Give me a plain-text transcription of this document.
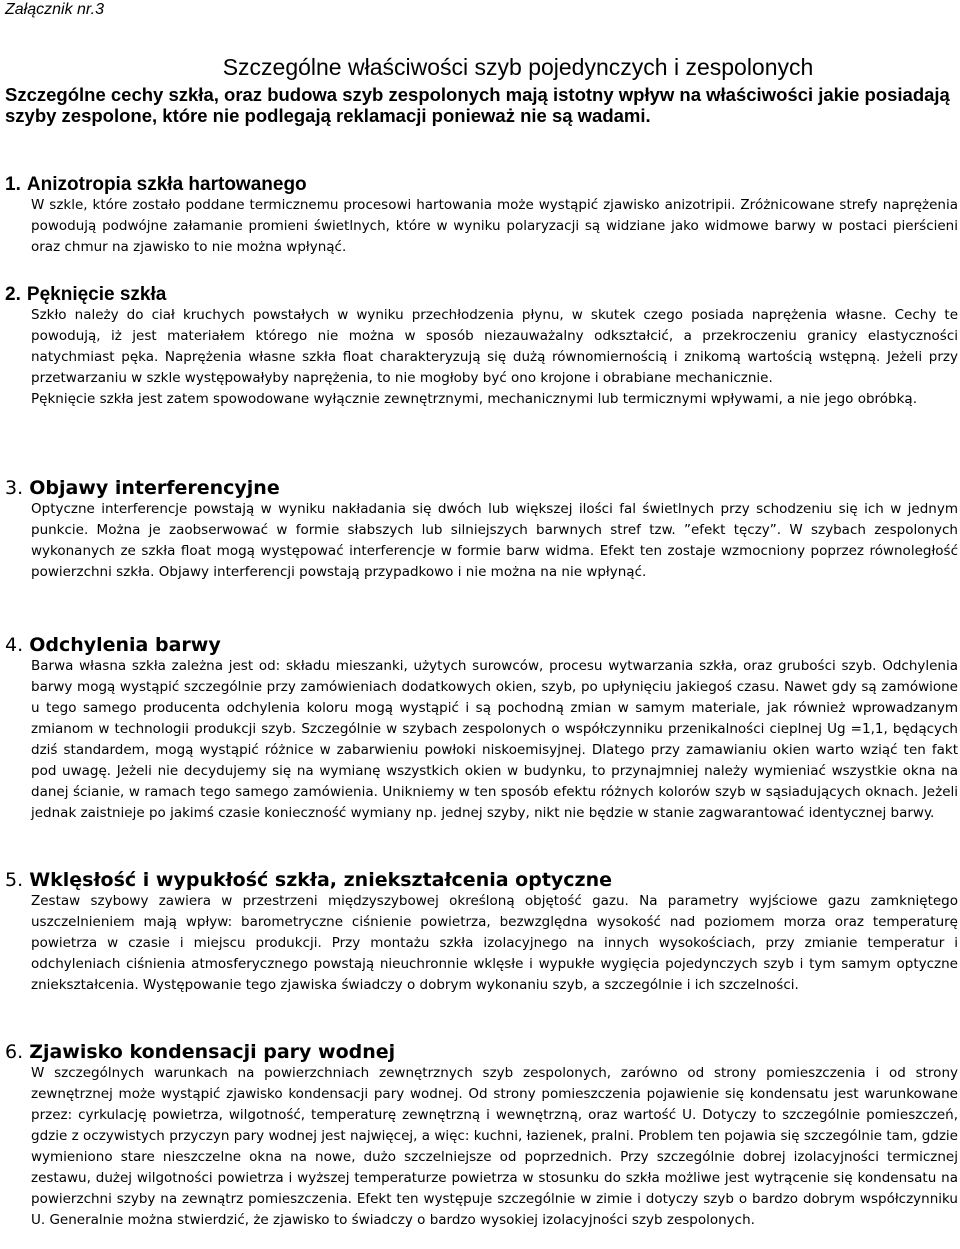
Załącznik nr.3
Szczególne właściwości szyb pojedynczych i zespolonych
Szczególne cechy szkła, oraz budowa szyb zespolonych mają istotny wpływ na właściwości jakie posiadają szyby zespolone, które nie podlegają reklamacji ponieważ nie są wadami.
1. Anizotropia szkła hartowanego

W szkle, które zostało poddane termicznemu procesowi hartowania może wystąpić zjawisko anizotripii. Zróżnicowane strefy naprężenia powodują podwójne załamanie promieni świetlnych, które w wyniku polaryzacji są widziane jako widmowe barwy w postaci pierścieni oraz chmur na zjawisko to nie można wpłynąć.

2. Pęknięcie szkła

Szkło należy do ciał kruchych powstałych w wyniku przechłodzenia płynu, w skutek czego posiada naprężenia własne. Cechy te powodują, iż jest materiałem którego nie można w sposób niezauważalny odkształcić, a przekroczeniu granicy elastyczności natychmiast pęka. Naprężenia własne szkła float charakteryzują się dużą równomiernością i znikomą wartością wstępną. Jeżeli przy przetwarzaniu w szkle występowałyby naprężenia, to nie mogłoby być ono krojone i obrabiane mechanicznie.

Pęknięcie szkła jest zatem spowodowane wyłącznie zewnętrznymi, mechanicznymi lub termicznymi wpływami, a nie jego obróbką.

3. Objawy interferencyjne

Optyczne interferencje powstają w wyniku nakładania się dwóch lub większej ilości fal świetlnych przy schodzeniu się ich w jednym punkcie. Można je zaobserwować w formie słabszych lub silniejszych barwnych stref tzw. ”efekt tęczy”. W szybach zespolonych wykonanych ze szkła float mogą występować interferencje w formie barw widma. Efekt ten zostaje wzmocniony poprzez równoległość powierzchni szkła. Objawy interferencji powstają przypadkowo i nie można na nie wpłynąć.

4. Odchylenia barwy

Barwa własna szkła zależna jest od: składu mieszanki, użytych surowców, procesu wytwarzania szkła, oraz grubości szyb. Odchylenia barwy mogą wystąpić szczególnie przy zamówieniach dodatkowych okien, szyb, po upłynięciu jakiegoś czasu. Nawet gdy są zamówione u tego samego producenta odchylenia koloru mogą wystąpić i są pochodną zmian w samym materiale, jak również wprowadzanym zmianom w technologii produkcji szyb. Szczególnie w szybach zespolonych o współczynniku przenikalności cieplnej Ug =1,1, będących dziś standardem, mogą wystąpić różnice w zabarwieniu powłoki niskoemisyjnej. Dlatego przy zamawianiu okien warto wziąć ten fakt pod uwagę. Jeżeli nie decydujemy się na wymianę wszystkich okien w budynku, to przynajmniej należy wymieniać wszystkie okna na danej ścianie, w ramach tego samego zamówienia. Unikniemy w ten sposób efektu różnych kolorów szyb w sąsiadujących oknach. Jeżeli jednak zaistnieje po jakimś czasie konieczność wymiany np. jednej szyby, nikt nie będzie w stanie zagwarantować identycznej barwy.

5. Wklęsłość i wypukłość szkła, zniekształcenia optyczne

Zestaw szybowy zawiera w przestrzeni międzyszybowej określoną objętość gazu. Na parametry wyjściowe gazu zamkniętego uszczelnieniem mają wpływ: barometryczne ciśnienie powietrza, bezwzględna wysokość nad poziomem morza oraz temperaturę powietrza w czasie i miejscu produkcji. Przy montażu szkła izolacyjnego na innych wysokościach, przy zmianie temperatur i odchyleniach ciśnienia atmosferycznego powstają nieuchronnie wklęsłe i wypukłe wygięcia pojedynczych szyb i tym samym optyczne zniekształcenia. Występowanie tego zjawiska świadczy o dobrym wykonaniu szyb, a szczególnie i ich szczelności.

6. Zjawisko kondensacji pary wodnej

W szczególnych warunkach na powierzchniach zewnętrznych szyb zespolonych, zarówno od strony pomieszczenia i od strony zewnętrznej może wystąpić zjawisko kondensacji pary wodnej. Od strony pomieszczenia pojawienie się kondensatu jest warunkowane przez: cyrkulację powietrza, wilgotność, temperaturę zewnętrzną i wewnętrzną, oraz wartość U. Dotyczy to szczególnie pomieszczeń, gdzie z oczywistych przyczyn pary wodnej jest najwięcej, a więc: kuchni, łazienek, pralni. Problem ten pojawia się szczególnie tam, gdzie wymieniono stare nieszczelne okna na nowe, dużo szczelniejsze od poprzednich. Przy szczególnie dobrej izolacyjności termicznej zestawu, dużej wilgotności powietrza i wyższej temperaturze powietrza w stosunku do szkła możliwe jest wytrącenie się kondensatu na powierzchni szyby na zewnątrz pomieszczenia. Efekt ten występuje szczególnie w zimie i dotyczy szyb o bardzo dobrym współczynniku U. Generalnie można stwierdzić, że zjawisko to świadczy o bardzo wysokiej izolacyjności szyb zespolonych.
